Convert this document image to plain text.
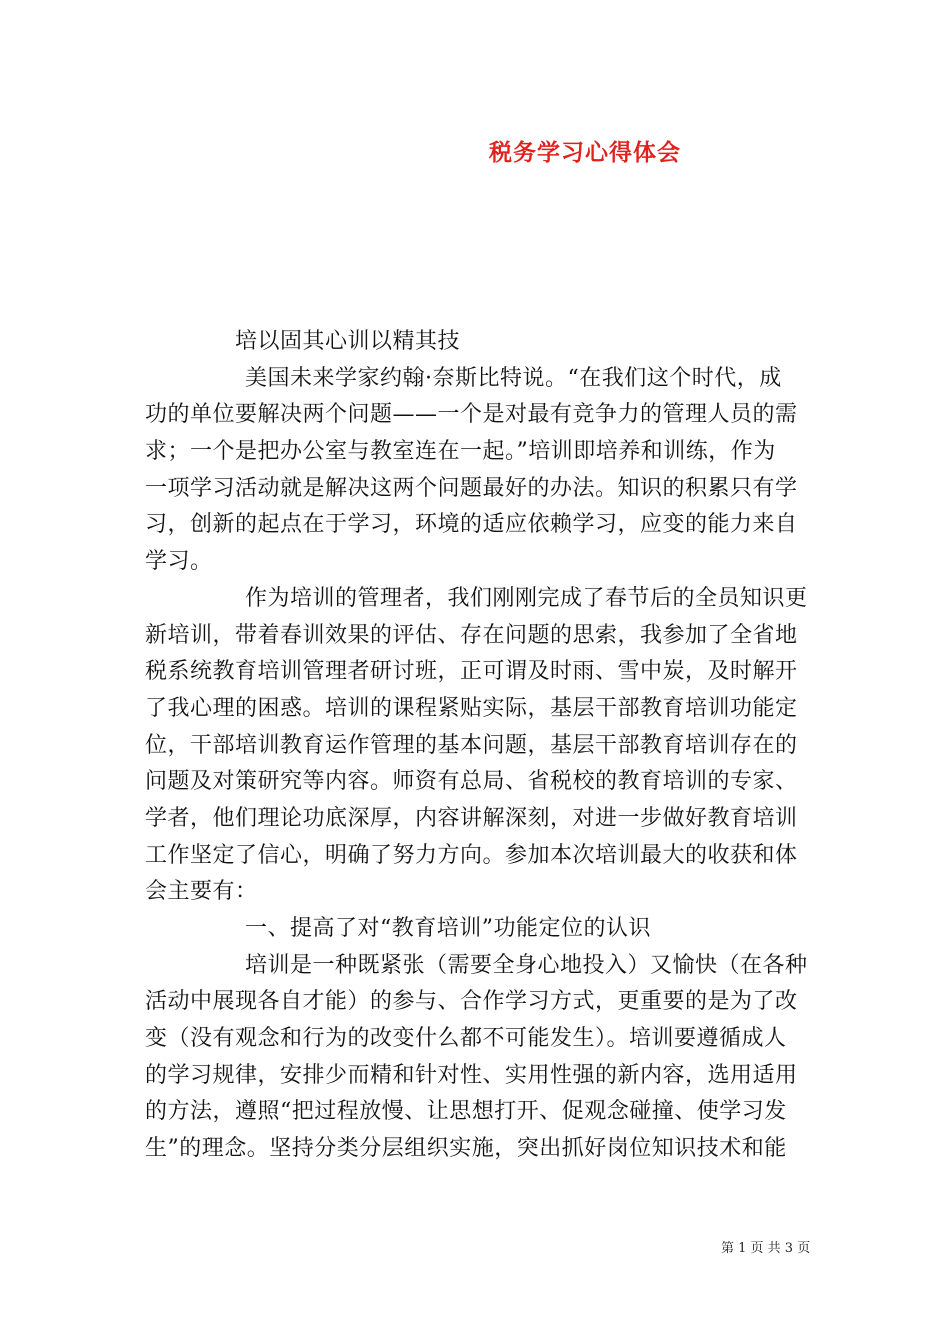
税务学习心得体会
培以固其心训以精其技
美国未来学家约翰·奈斯比特说。“在我们这个时代，成
功的单位要解决两个问题——一个是对最有竞争力的管理人员的需
求；一个是把办公室与教室连在一起。”培训即培养和训练，作为
一项学习活动就是解决这两个问题最好的办法。知识的积累只有学
习，创新的起点在于学习，环境的适应依赖学习，应变的能力来自
学习。
作为培训的管理者，我们刚刚完成了春节后的全员知识更
新培训，带着春训效果的评估、存在问题的思索，我参加了全省地
税系统教育培训管理者研讨班，正可谓及时雨、雪中炭，及时解开
了我心理的困惑。培训的课程紧贴实际，基层干部教育培训功能定
位，干部培训教育运作管理的基本问题，基层干部教育培训存在的
问题及对策研究等内容。师资有总局、省税校的教育培训的专家、
学者，他们理论功底深厚，内容讲解深刻，对进一步做好教育培训
工作坚定了信心，明确了努力方向。参加本次培训最大的收获和体
会主要有：
一、提高了对“教育培训”功能定位的认识
培训是一种既紧张（需要全身心地投入）又愉快（在各种
活动中展现各自才能）的参与、合作学习方式，更重要的是为了改
变（没有观念和行为的改变什么都不可能发生）。培训要遵循成人
的学习规律，安排少而精和针对性、实用性强的新内容，选用适用
的方法，遵照“把过程放慢、让思想打开、促观念碰撞、使学习发
生”的理念。坚持分类分层组织实施，突出抓好岗位知识技术和能
第 1 页 共 3 页
